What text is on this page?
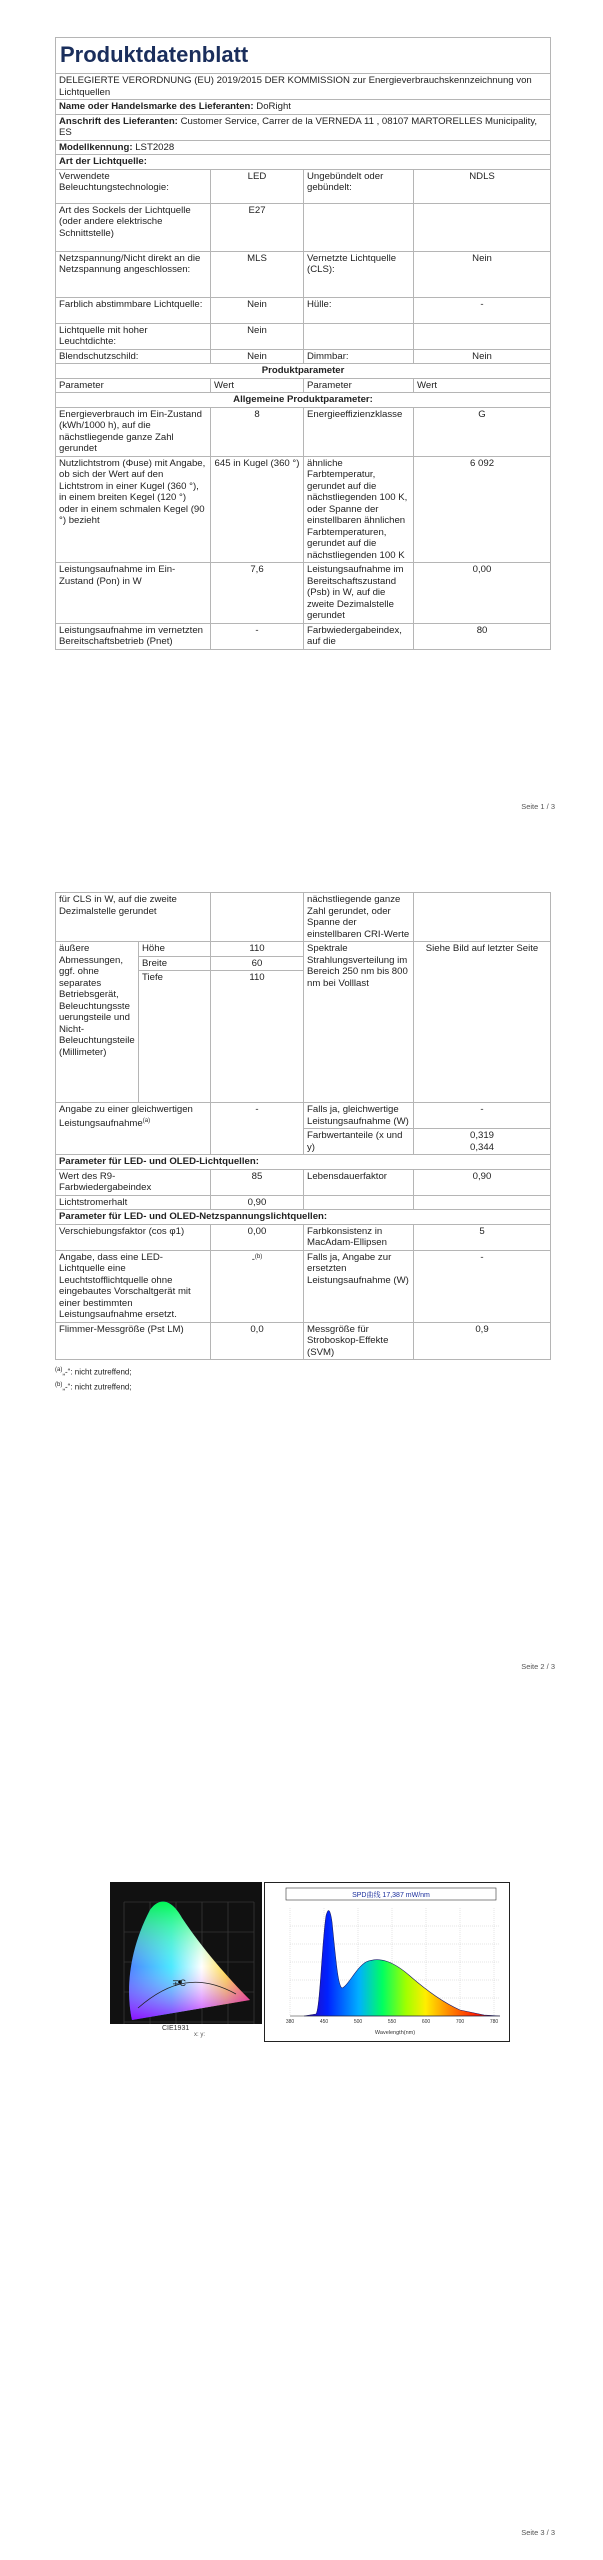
Produktdatenblatt			
DELEGIERTE VERORDNUNG (EU) 2019/2015 DER KOMMISSION zur Energieverbrauchskennzeichnung von Lichtquellen			
Name oder Handelsmarke des Lieferanten: DoRight			
Anschrift des Lieferanten: Customer Service, Carrer de la VERNEDA 11 , 08107 MARTORELLES Municipality, ES			
Modellkennung: LST2028			
Art der Lichtquelle:			
Verwendete Beleuchtungstechnologie:	LED	Ungebündelt oder gebündelt:	NDLS
Art des Sockels der Lichtquelle (oder andere elektrische Schnittstelle)	E27		
Netzspannung/Nicht direkt an die Netzspannung angeschlossen:	MLS	Vernetzte Lichtquelle (CLS):	Nein
Farblich abstimmbare Lichtquelle:	Nein	Hülle:	-
Lichtquelle mit hoher Leuchtdichte:	Nein		
Blendschutzschild:	Nein	Dimmbar:	Nein
Produktparameter			
Parameter	Wert	Parameter	Wert
Allgemeine Produktparameter:			
Energieverbrauch im Ein-Zustand (kWh/1000 h), auf die nächstliegende ganze Zahl gerundet	8	Energieeffizienzklasse	G
Nutzlichtstrom (Φuse) mit Angabe, ob sich der Wert auf den Lichtstrom in einer Kugel (360 °), in einem breiten Kegel (120 °) oder in einem schmalen Kegel (90 °) bezieht	645 in Kugel (360 °)	ähnliche Farbtemperatur, gerundet auf die nächstliegenden 100 K, oder Spanne der einstellbaren ähnlichen Farbtemperaturen, gerundet auf die nächstliegenden 100 K	6 092
Leistungsaufnahme im Ein-Zustand (Pon) in W	7,6	Leistungsaufnahme im Bereitschaftszustand (Psb) in W, auf die zweite Dezimalstelle gerundet	0,00
Leistungsaufnahme im vernetzten Bereitschaftsbetrieb (Pnet)	-	Farbwiedergabeindex, auf die	80
Seite 1 / 3
für CLS in W, auf die zweite Dezimalstelle gerundet			nächstliegende ganze Zahl gerundet, oder Spanne der einstellbaren CRI-Werte	
äußere Abmessungen, ggf. ohne separates Betriebsgerät, Beleuchtungssteuerungsteile und Nicht-Beleuchtungsteile (Millimeter)	Höhe	110	Spektrale Strahlungsverteilung im Bereich 250 nm bis 800 nm bei Volllast	Siehe Bild auf letzter Seite
	Breite	60		
	Tiefe	110		
Angabe zu einer gleichwertigen Leistungsaufnahme$^{(a)}$		-	Falls ja, gleichwertige Leistungsaufnahme (W)	-
			Farbwertanteile (x und y)	0,319
0,344

Parameter für LED- und OLED-Lichtquellen:				
Wert des R9-Farbwiedergabeindex		85	Lebensdauerfaktor	0,90
Lichtstromerhalt		0,90		
Parameter für LED- und OLED-Netzspannungslichtquellen:				
Verschiebungsfaktor (cos φ1)		0,00	Farbkonsistenz in MacAdam-Ellipsen	5
Angabe, dass eine LED-Lichtquelle eine Leuchtstofflichtquelle ohne eingebautes Vorschaltgerät mit einer bestimmten Leistungsaufnahme ersetzt.		-$^{(b)}$	Falls ja, Angabe zur ersetzten Leistungsaufnahme (W)	-
Flimmer-Messgröße (Pst LM)		0,0	Messgröße für Stroboskop-Effekte (SVM)	0,9
$^{(a)}$„-“: nicht zutreffend;
$^{(b)}$„-“: nicht zutreffend;
Seite 2 / 3
∓C
CIE1931
x: y:
SPD曲线 17,387 mW/nm
380	450	500	550	600	700	780
Wavelength(nm)
Seite 3 / 3
